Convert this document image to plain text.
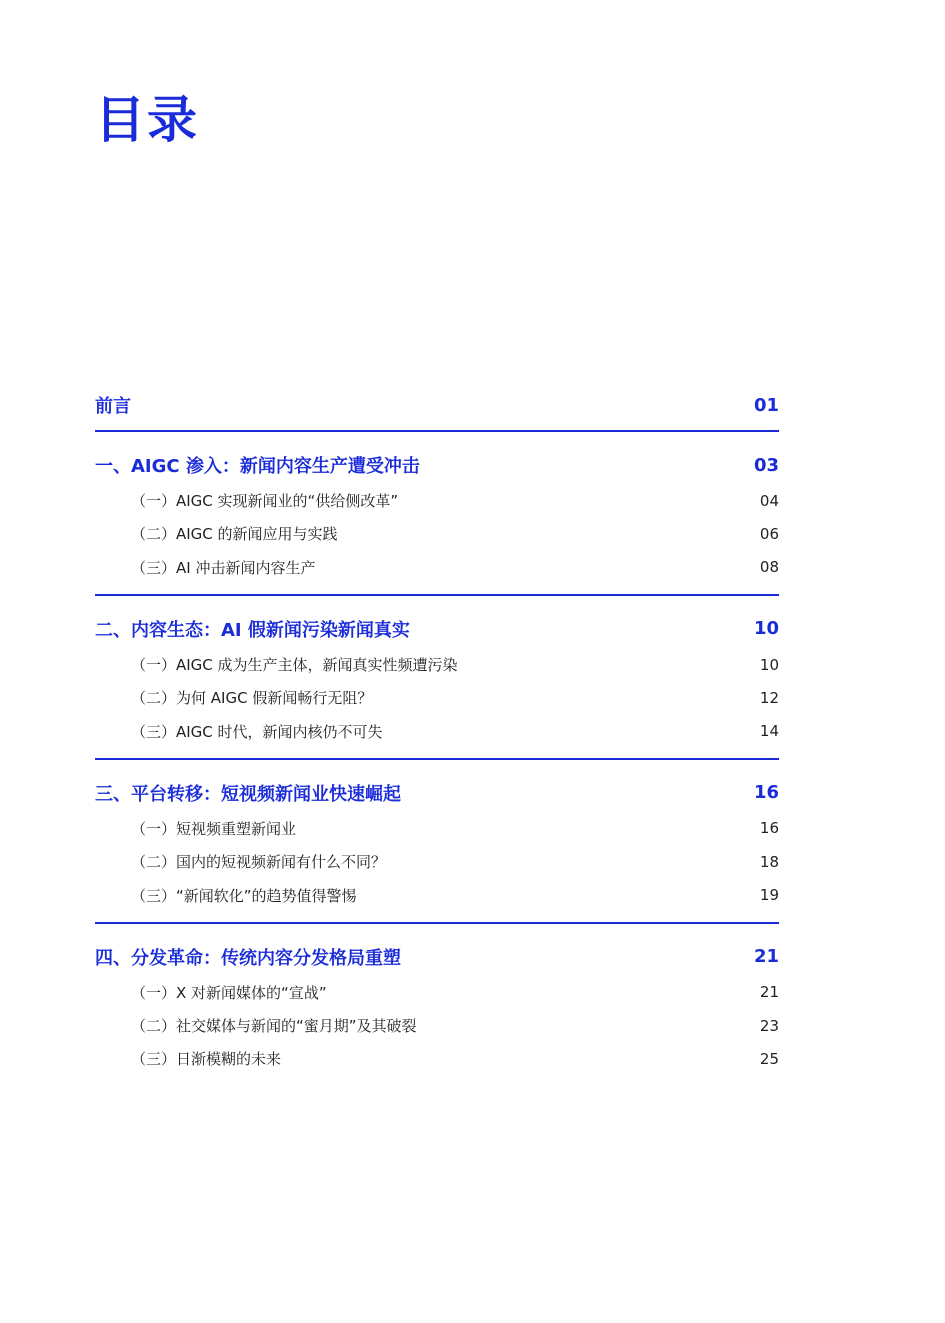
目录
前言	01
一、AIGC 渗入：新闻内容生产遭受冲击	03
（一）AIGC 实现新闻业的“供给侧改革”	04
（二）AIGC 的新闻应用与实践	06
（三）AI 冲击新闻内容生产	08
二、内容生态：AI 假新闻污染新闻真实	10
（一）AIGC 成为生产主体，新闻真实性频遭污染	10
（二）为何 AIGC 假新闻畅行无阻？	12
（三）AIGC 时代，新闻内核仍不可失	14
三、平台转移：短视频新闻业快速崛起	16
（一）短视频重塑新闻业	16
（二）国内的短视频新闻有什么不同？	18
（三）“新闻软化”的趋势值得警惕	19
四、分发革命：传统内容分发格局重塑	21
（一）X 对新闻媒体的“宣战”	21
（二）社交媒体与新闻的“蜜月期”及其破裂	23
（三）日渐模糊的未来	25
